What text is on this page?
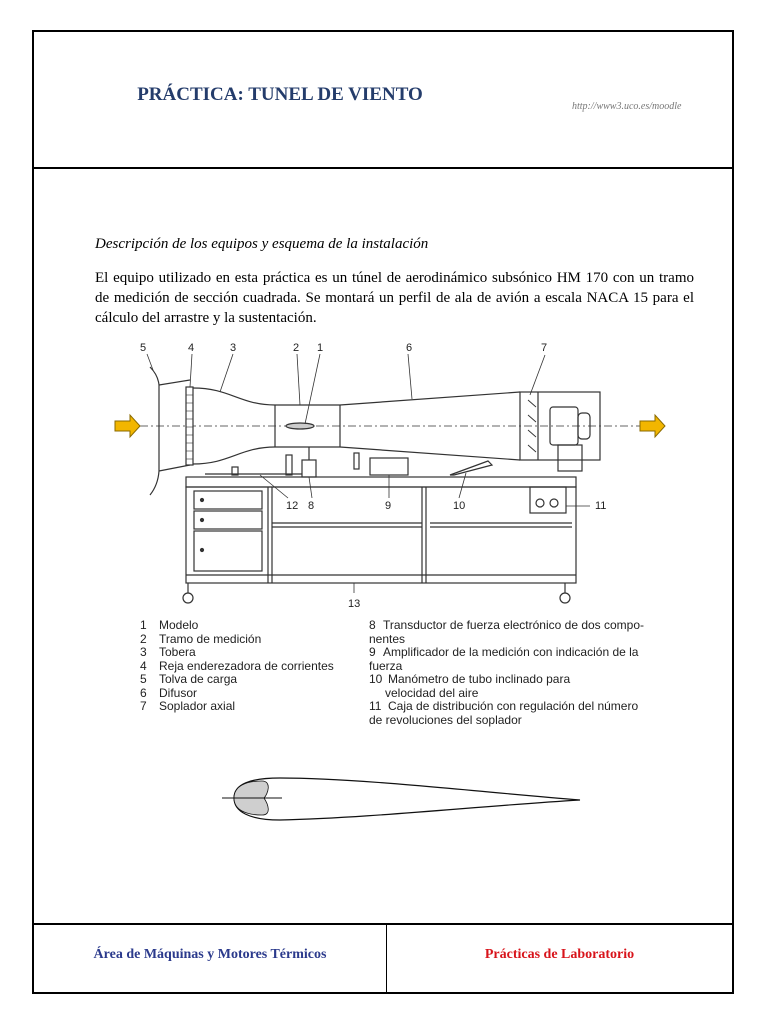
PRÁCTICA: TUNEL DE VIENTO
http://www3.uco.es/moodle
Descripción de los equipos y esquema de la instalación
El equipo utilizado en esta práctica es un túnel de aerodinámico subsónico HM 170 con un tramo de medición de sección cuadrada. Se montará un perfil de ala de avión a escala NACA 15 para el cálculo del arrastre y la sustentación.
5	4	3	2 1	6	7
12 8	9	10	11
13
1	Modelo
2	Tramo de medición
3	Tobera
4	Reja enderezadora de corrientes
5	Tolva de carga
6	Difusor
7	Soplador axial
8 Transductor de fuerza electrónico de dos compo-
nentes
9 Amplificador de la medición con indicación de la
fuerza
10 Manómetro de tubo inclinado para
velocidad del aire
11 Caja de distribución con regulación del número
de revoluciones del soplador
Área de Máquinas y Motores Térmicos	Prácticas de Laboratorio
